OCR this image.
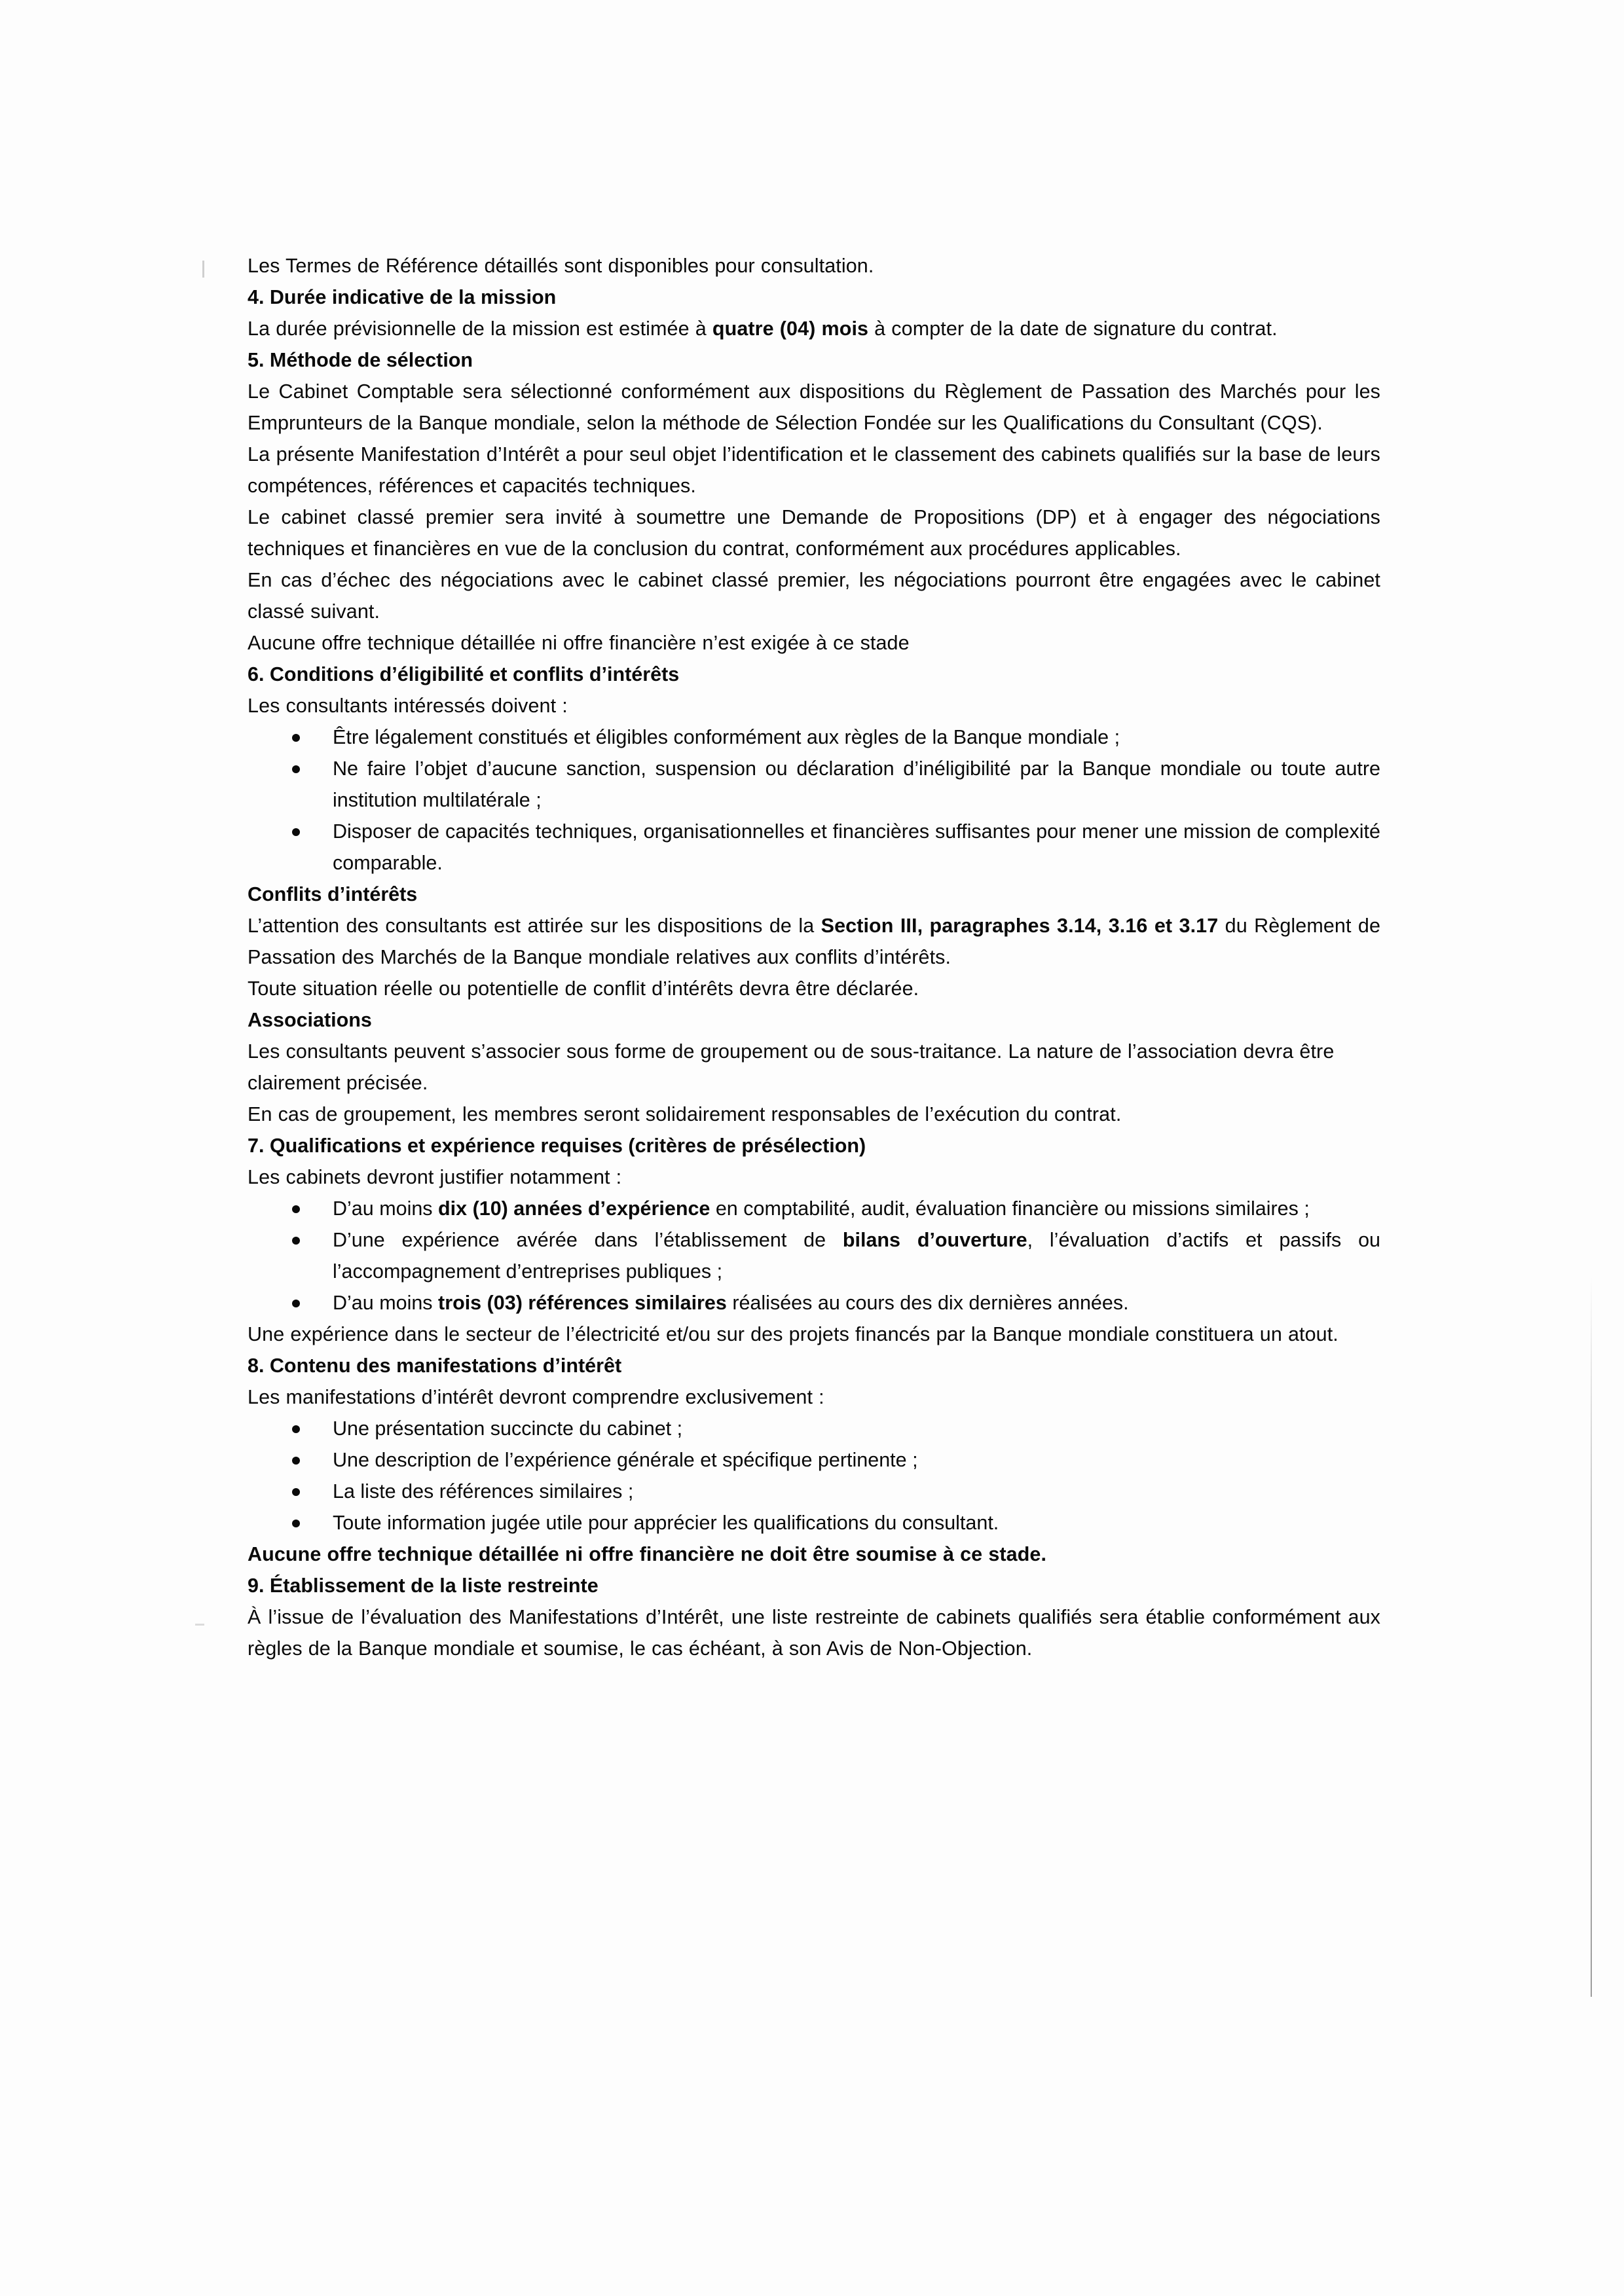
Les Termes de Référence détaillés sont disponibles pour consultation.

4. Durée indicative de la mission

La durée prévisionnelle de la mission est estimée à quatre (04) mois à compter de la date de signature du contrat.

5. Méthode de sélection

Le Cabinet Comptable sera sélectionné conformément aux dispositions du Règlement de Passation des Marchés pour les Emprunteurs de la Banque mondiale, selon la méthode de Sélection Fondée sur les Qualifications du Consultant (CQS).

La présente Manifestation d’Intérêt a pour seul objet l’identification et le classement des cabinets qualifiés sur la base de leurs compétences, références et capacités techniques.

Le cabinet classé premier sera invité à soumettre une Demande de Propositions (DP) et à engager des négociations techniques et financières en vue de la conclusion du contrat, conformément aux procédures applicables.

En cas d’échec des négociations avec le cabinet classé premier, les négociations pourront être engagées avec le cabinet classé suivant.

Aucune offre technique détaillée ni offre financière n’est exigée à ce stade

6. Conditions d’éligibilité et conflits d’intérêts

Les consultants intéressés doivent :

Être légalement constitués et éligibles conformément aux règles de la Banque mondiale ;
Ne faire l’objet d’aucune sanction, suspension ou déclaration d’inéligibilité par la Banque mondiale ou toute autre institution multilatérale ;
Disposer de capacités techniques, organisationnelles et financières suffisantes pour mener une mission de complexité comparable.

Conflits d’intérêts

L’attention des consultants est attirée sur les dispositions de la Section III, paragraphes 3.14, 3.16 et 3.17 du Règlement de Passation des Marchés de la Banque mondiale relatives aux conflits d’intérêts.

Toute situation réelle ou potentielle de conflit d’intérêts devra être déclarée.

Associations

Les consultants peuvent s’associer sous forme de groupement ou de sous-traitance. La nature de l’association devra être clairement précisée.

En cas de groupement, les membres seront solidairement responsables de l’exécution du contrat.

7. Qualifications et expérience requises (critères de présélection)

Les cabinets devront justifier notamment :

D’au moins dix (10) années d’expérience en comptabilité, audit, évaluation financière ou missions similaires ;
D’une expérience avérée dans l’établissement de bilans d’ouverture, l’évaluation d’actifs et passifs ou l’accompagnement d’entreprises publiques ;
D’au moins trois (03) références similaires réalisées au cours des dix dernières années.

Une expérience dans le secteur de l’électricité et/ou sur des projets financés par la Banque mondiale constituera un atout.

8. Contenu des manifestations d’intérêt

Les manifestations d’intérêt devront comprendre exclusivement :

Une présentation succincte du cabinet ;
Une description de l’expérience générale et spécifique pertinente ;
La liste des références similaires ;
Toute information jugée utile pour apprécier les qualifications du consultant.

Aucune offre technique détaillée ni offre financière ne doit être soumise à ce stade.

9. Établissement de la liste restreinte

À l’issue de l’évaluation des Manifestations d’Intérêt, une liste restreinte de cabinets qualifiés sera établie conformément aux règles de la Banque mondiale et soumise, le cas échéant, à son Avis de Non-Objection.
